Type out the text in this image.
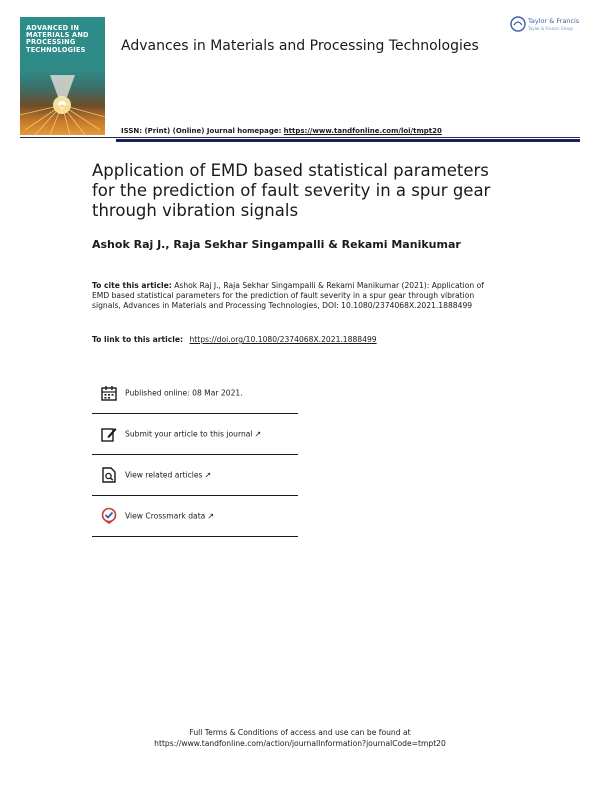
ADVANCED IN MATERIALS AND PROCESSING TECHNOLOGIES
Taylor & Francis
Taylor & Francis Group
Advances in Materials and Processing Technologies
ISSN: (Print) (Online) Journal homepage: https://www.tandfonline.com/loi/tmpt20
Application of EMD based statistical parameters for the prediction of fault severity in a spur gear through vibration signals
Ashok Raj J., Raja Sekhar Singampalli & Rekami Manikumar
To cite this article: Ashok Raj J., Raja Sekhar Singampalli & Rekami Manikumar (2021): Application of EMD based statistical parameters for the prediction of fault severity in a spur gear through vibration signals, Advances in Materials and Processing Technologies, DOI: 10.1080/2374068X.2021.1888499
To link to this article: https://doi.org/10.1080/2374068X.2021.1888499
Published online: 08 Mar 2021.
Submit your article to this journal ↗
View related articles ↗
View Crossmark data ↗
Full Terms & Conditions of access and use can be found at
https://www.tandfonline.com/action/journalInformation?journalCode=tmpt20
